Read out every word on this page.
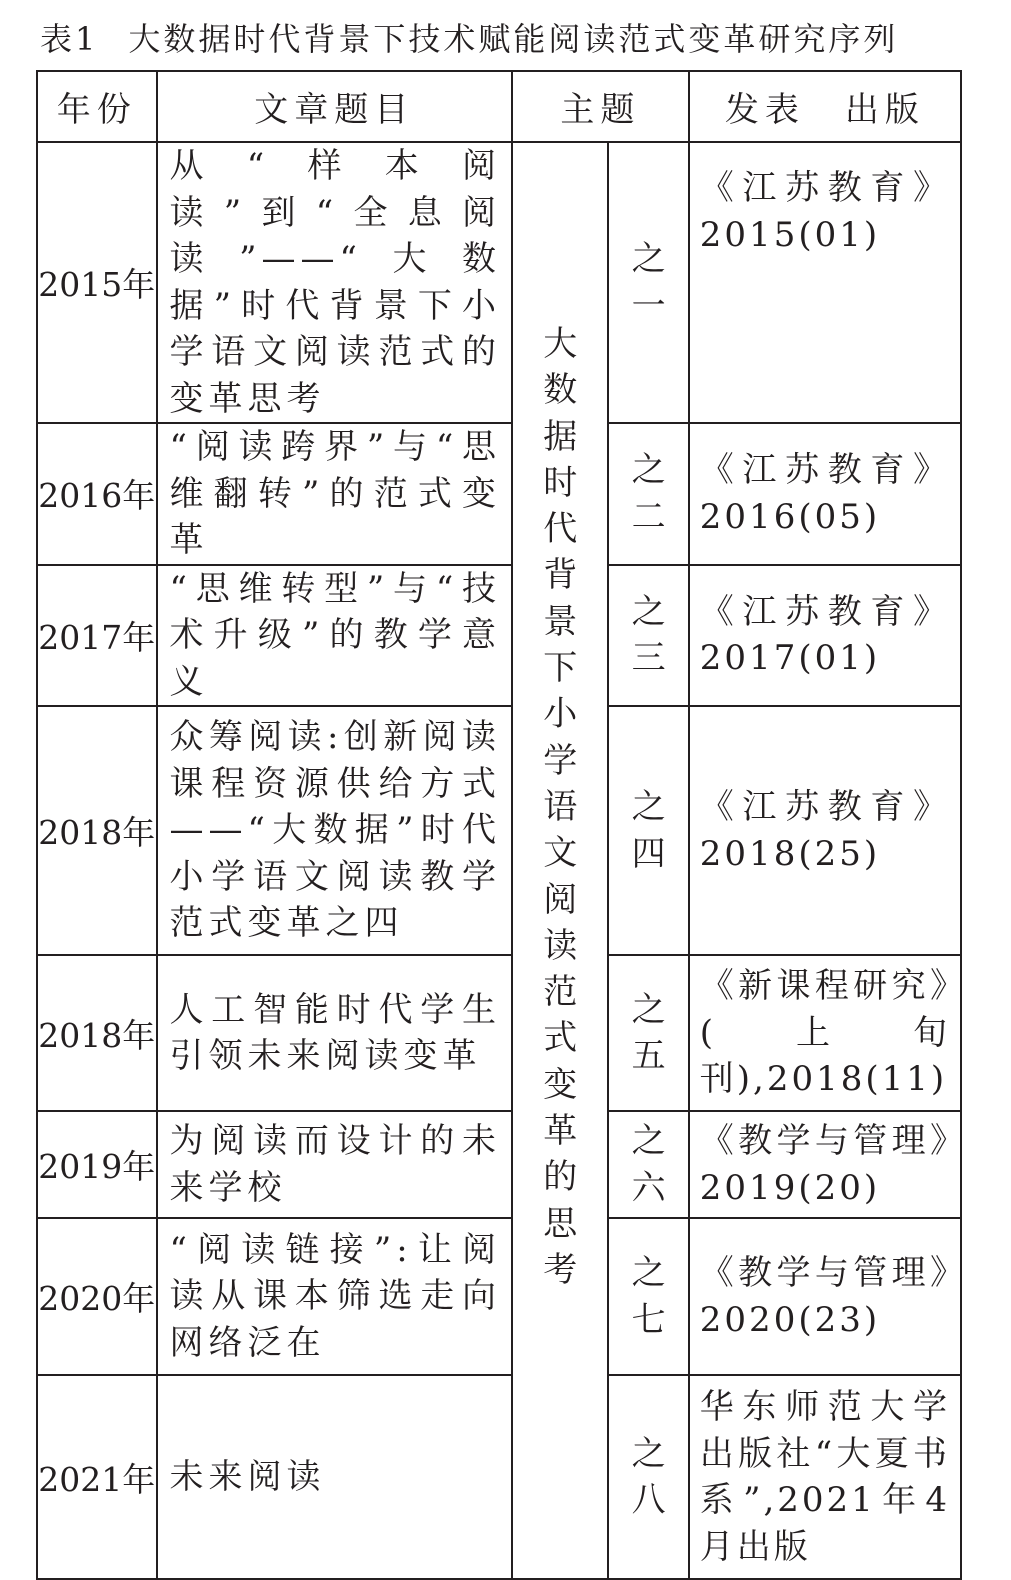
表1 大数据时代背景下技术赋能阅读范式变革研究序列
年份	文章题目	主题		发表　出版
2015年	从“样本阅读”到“全息阅读”——“大数据”时代背景下小学语文阅读范式的变革思考	大数据时代背景下小学语文阅读范式变革的思考	之一	《江苏教育》2015(01)
2016年	“阅读跨界”与“思维翻转”的范式变革		之二	《江苏教育》2016(05)
2017年	“思维转型”与“技术升级”的教学意义		之三	《江苏教育》2017(01)
2018年	众筹阅读:创新阅读课程资源供给方式——“大数据”时代小学语文阅读教学范式变革之四		之四	《江苏教育》2018(25)
2018年	人工智能时代学生引领未来阅读变革		之五	《新课程研究》(上旬刊),2018(11)
2019年	为阅读而设计的未来学校		之六	《教学与管理》2019(20)
2020年	“阅读链接”:让阅读从课本筛选走向网络泛在		之七	《教学与管理》2020(23)
2021年	未来阅读		之八	华东师范大学出版社“大夏书系”,2021年4月出版
